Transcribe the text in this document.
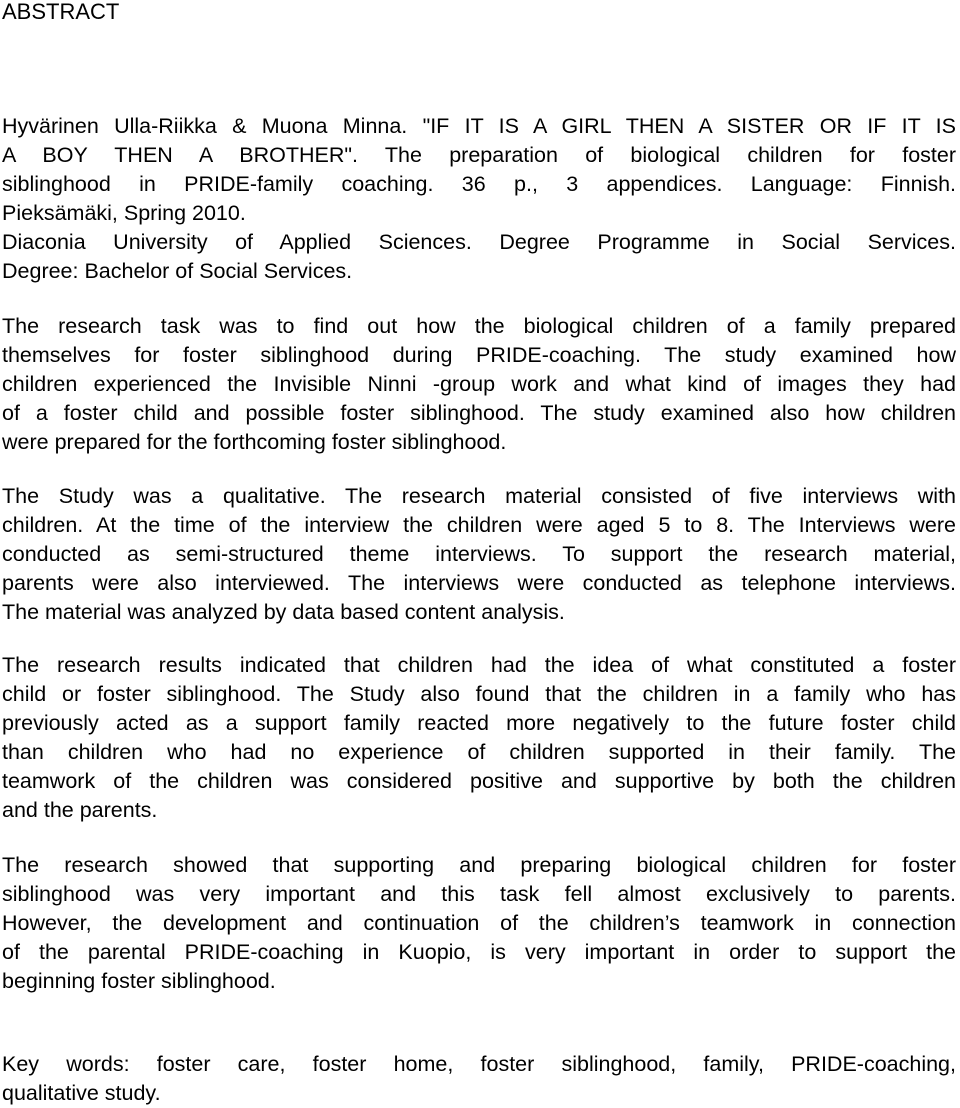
ABSTRACT

Hyvärinen Ulla-Riikka & Muona Minna. "IF IT IS A GIRL THEN A SISTER OR IF IT IS
A BOY THEN A BROTHER". The preparation of biological children for foster
siblinghood in PRIDE-family coaching. 36 p., 3 appendices. Language: Finnish.
Pieksämäki, Spring 2010.
Diaconia University of Applied Sciences. Degree Programme in Social Services.
Degree: Bachelor of Social Services.

The research task was to find out how the biological children of a family prepared
themselves for foster siblinghood during PRIDE-coaching. The study examined how
children experienced the Invisible Ninni -group work and what kind of images they had
of a foster child and possible foster siblinghood. The study examined also how children
were prepared for the forthcoming foster siblinghood.

The Study was a qualitative. The research material consisted of five interviews with
children. At the time of the interview the children were aged 5 to 8. The Interviews were
conducted as semi-structured theme interviews. To support the research material,
parents were also interviewed. The interviews were conducted as telephone interviews.
The material was analyzed by data based content analysis.

The research results indicated that children had the idea of what constituted a foster
child or foster siblinghood. The Study also found that the children in a family who has
previously acted as a support family reacted more negatively to the future foster child
than children who had no experience of children supported in their family. The
teamwork of the children was considered positive and supportive by both the children
and the parents.

The research showed that supporting and preparing biological children for foster
siblinghood was very important and this task fell almost exclusively to parents.
However, the development and continuation of the children’s teamwork in connection
of the parental PRIDE-coaching in Kuopio, is very important in order to support the
beginning foster siblinghood.

Key words: foster care, foster home, foster siblinghood, family, PRIDE-coaching,
qualitative study.
